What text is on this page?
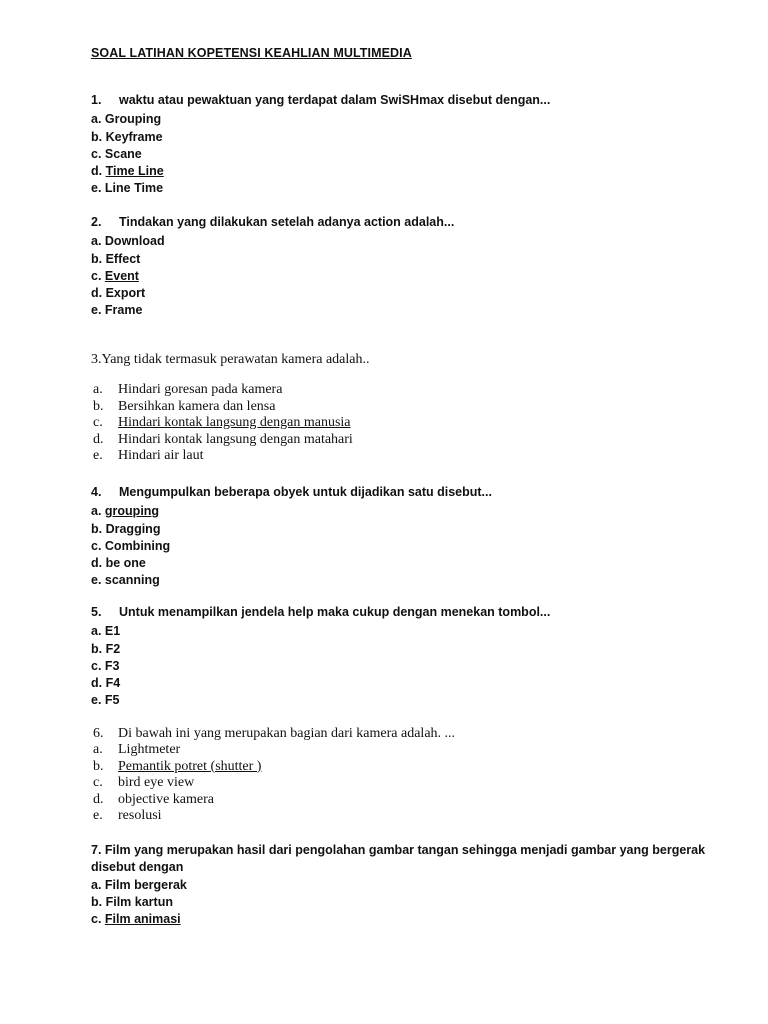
SOAL LATIHAN KOPETENSI KEAHLIAN MULTIMEDIA
1. waktu atau pewaktuan yang terdapat dalam SwiSHmax disebut dengan...
a. Grouping
b. Keyframe
c. Scane
d. Time Line
e. Line Time
2. Tindakan yang dilakukan setelah adanya action adalah...
a. Download
b. Effect
c. Event
d. Export
e. Frame
3.Yang tidak termasuk perawatan kamera adalah..
a. Hindari goresan pada kamera
b. Bersihkan kamera dan lensa
c. Hindari kontak langsung dengan manusia
d. Hindari kontak langsung dengan matahari
e. Hindari air laut
4. Mengumpulkan beberapa obyek untuk dijadikan satu disebut...
a. grouping
b. Dragging
c. Combining
d. be one
e. scanning
5. Untuk menampilkan jendela help maka cukup dengan menekan tombol...
a. E1
b. F2
c. F3
d. F4
e. F5
6. Di bawah ini yang merupakan bagian dari kamera adalah. ...
a. Lightmeter
b. Pemantik potret (shutter )
c. bird eye view
d. objective kamera
e. resolusi
7. Film yang merupakan hasil dari pengolahan gambar tangan sehingga menjadi gambar yang bergerak
disebut dengan
a. Film bergerak
b. Film kartun
c. Film animasi
